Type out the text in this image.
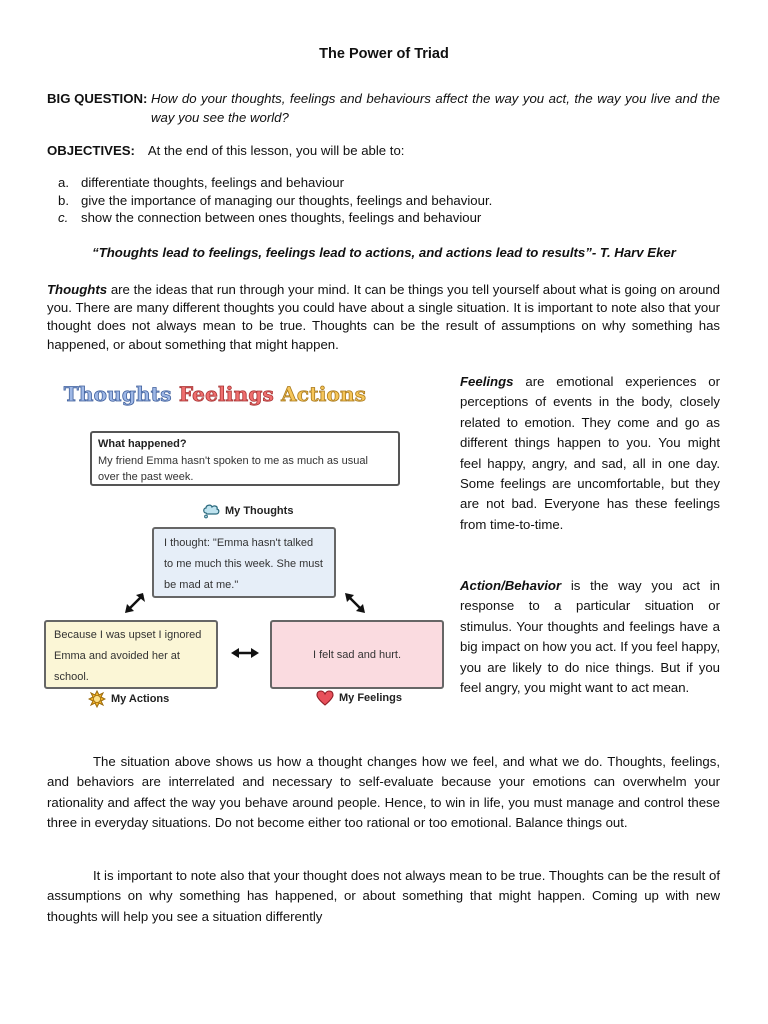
The Power of Triad
BIG QUESTION: How do your thoughts, feelings and behaviours affect the way you act, the way you live and the way you see the world?
OBJECTIVES: At the end of this lesson, you will be able to:
a. differentiate thoughts, feelings and behaviour
b. give the importance of managing our thoughts, feelings and behaviour.
c. show the connection between ones thoughts, feelings and behaviour
“Thoughts lead to feelings, feelings lead to actions, and actions lead to results”- T. Harv Eker
Thoughts are the ideas that run through your mind. It can be things you tell yourself about what is going on around you. There are many different thoughts you could have about a single situation. It is important to note also that your thought does not always mean to be true. Thoughts can be the result of assumptions on why something has happened, or about something that might happen.
Thoughts Feelings Actions
What happened?
My friend Emma hasn't spoken to me as much as usual over the past week.
My Thoughts
I thought: "Emma hasn't talked to me much this week. She must be mad at me."
Because I was upset I ignored Emma and avoided her at school.
I felt sad and hurt.
My Actions	My Feelings
Feelings are emotional experiences or perceptions of events in the body, closely related to emotion. They come and go as different things happen to you. You might feel happy, angry, and sad, all in one day. Some feelings are uncomfortable, but they are not bad. Everyone has these feelings from time-to-time.
Action/Behavior is the way you act in response to a particular situation or stimulus. Your thoughts and feelings have a big impact on how you act. If you feel happy, you are likely to do nice things. But if you feel angry, you might want to act mean.
The situation above shows us how a thought changes how we feel, and what we do. Thoughts, feelings, and behaviors are interrelated and necessary to self-evaluate because your emotions can overwhelm your rationality and affect the way you behave around people. Hence, to win in life, you must manage and control these three in everyday situations. Do not become either too rational or too emotional. Balance things out.
It is important to note also that your thought does not always mean to be true. Thoughts can be the result of assumptions on why something has happened, or about something that might happen. Coming up with new thoughts will help you see a situation differently
